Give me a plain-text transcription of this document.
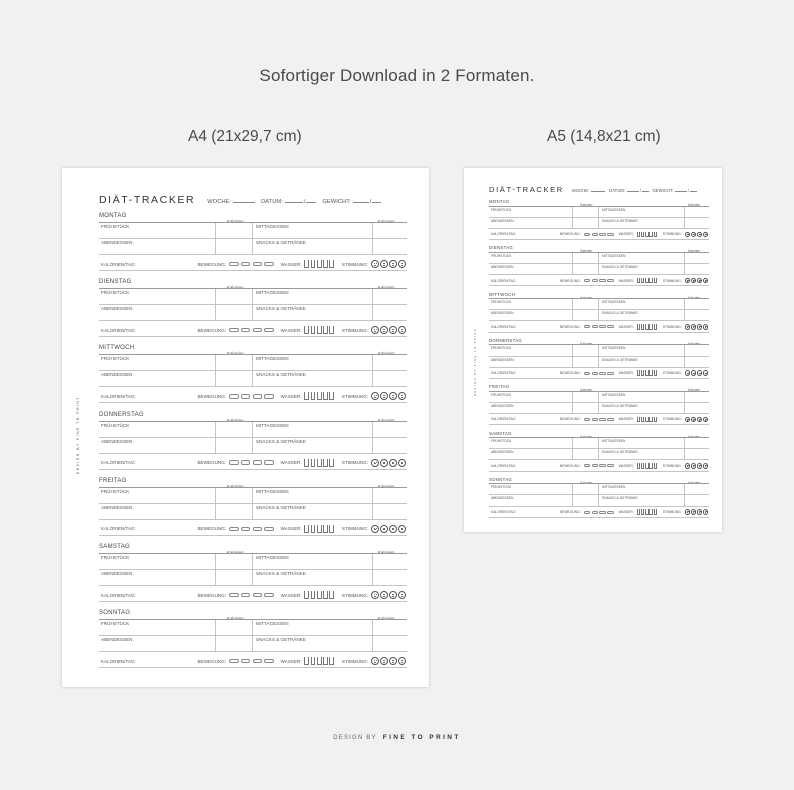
Sofortiger Download in 2 Formaten.
A4 (21x29,7 cm)	A5 (14,8x21 cm)
DESIGN BY FINE TO PRINT
DIÄT-TRACKER WOCHE:	DATUM:	/	GEWICHT:	/
MONTAG
Kalorien	Kalorien
FRÜHSTÜCK	MITTAGESSEN
ABENDESSEN	SNACKS & GETRÄNKE
KALORIEN/TAG:	BEWEGUNG:	WASSER:	STIMMUNG:
DIENSTAG
Kalorien	Kalorien
FRÜHSTÜCK	MITTAGESSEN
ABENDESSEN	SNACKS & GETRÄNKE
KALORIEN/TAG:	BEWEGUNG:	WASSER:	STIMMUNG:
MITTWOCH
Kalorien	Kalorien
FRÜHSTÜCK	MITTAGESSEN
ABENDESSEN	SNACKS & GETRÄNKE
KALORIEN/TAG:	BEWEGUNG:	WASSER:	STIMMUNG:
DONNERSTAG
Kalorien	Kalorien
FRÜHSTÜCK	MITTAGESSEN
ABENDESSEN	SNACKS & GETRÄNKE
KALORIEN/TAG:	BEWEGUNG:	WASSER:	STIMMUNG:
FREITAG
Kalorien	Kalorien
FRÜHSTÜCK	MITTAGESSEN
ABENDESSEN	SNACKS & GETRÄNKE
KALORIEN/TAG:	BEWEGUNG:	WASSER:	STIMMUNG:
SAMSTAG
Kalorien	Kalorien
FRÜHSTÜCK	MITTAGESSEN
ABENDESSEN	SNACKS & GETRÄNKE
KALORIEN/TAG:	BEWEGUNG:	WASSER:	STIMMUNG:
SONNTAG
Kalorien	Kalorien
FRÜHSTÜCK	MITTAGESSEN
ABENDESSEN	SNACKS & GETRÄNKE
KALORIEN/TAG:	BEWEGUNG:	WASSER:	STIMMUNG:
DESIGN BY FINE TO PRINT
DIÄT-TRACKER WOCHE:	DATUM:	/	GEWICHT:	/
MONTAG
Kalorien	Kalorien
FRÜHSTÜCK	MITTAGESSEN
ABENDESSEN	SNACKS & GETRÄNKE
KALORIEN/TAG:	BEWEGUNG:	WASSER:	STIMMUNG:
DIENSTAG
Kalorien	Kalorien
FRÜHSTÜCK	MITTAGESSEN
ABENDESSEN	SNACKS & GETRÄNKE
KALORIEN/TAG:	BEWEGUNG:	WASSER:	STIMMUNG:
MITTWOCH
Kalorien	Kalorien
FRÜHSTÜCK	MITTAGESSEN
ABENDESSEN	SNACKS & GETRÄNKE
KALORIEN/TAG:	BEWEGUNG:	WASSER:	STIMMUNG:
DONNERSTAG
Kalorien	Kalorien
FRÜHSTÜCK	MITTAGESSEN
ABENDESSEN	SNACKS & GETRÄNKE
KALORIEN/TAG:	BEWEGUNG:	WASSER:	STIMMUNG:
FREITAG
Kalorien	Kalorien
FRÜHSTÜCK	MITTAGESSEN
ABENDESSEN	SNACKS & GETRÄNKE
KALORIEN/TAG:	BEWEGUNG:	WASSER:	STIMMUNG:
SAMSTAG
Kalorien	Kalorien
FRÜHSTÜCK	MITTAGESSEN
ABENDESSEN	SNACKS & GETRÄNKE
KALORIEN/TAG:	BEWEGUNG:	WASSER:	STIMMUNG:
SONNTAG
Kalorien	Kalorien
FRÜHSTÜCK	MITTAGESSEN
ABENDESSEN	SNACKS & GETRÄNKE
KALORIEN/TAG:	BEWEGUNG:	WASSER:	STIMMUNG:
DESIGN BY FINE TO PRINT
